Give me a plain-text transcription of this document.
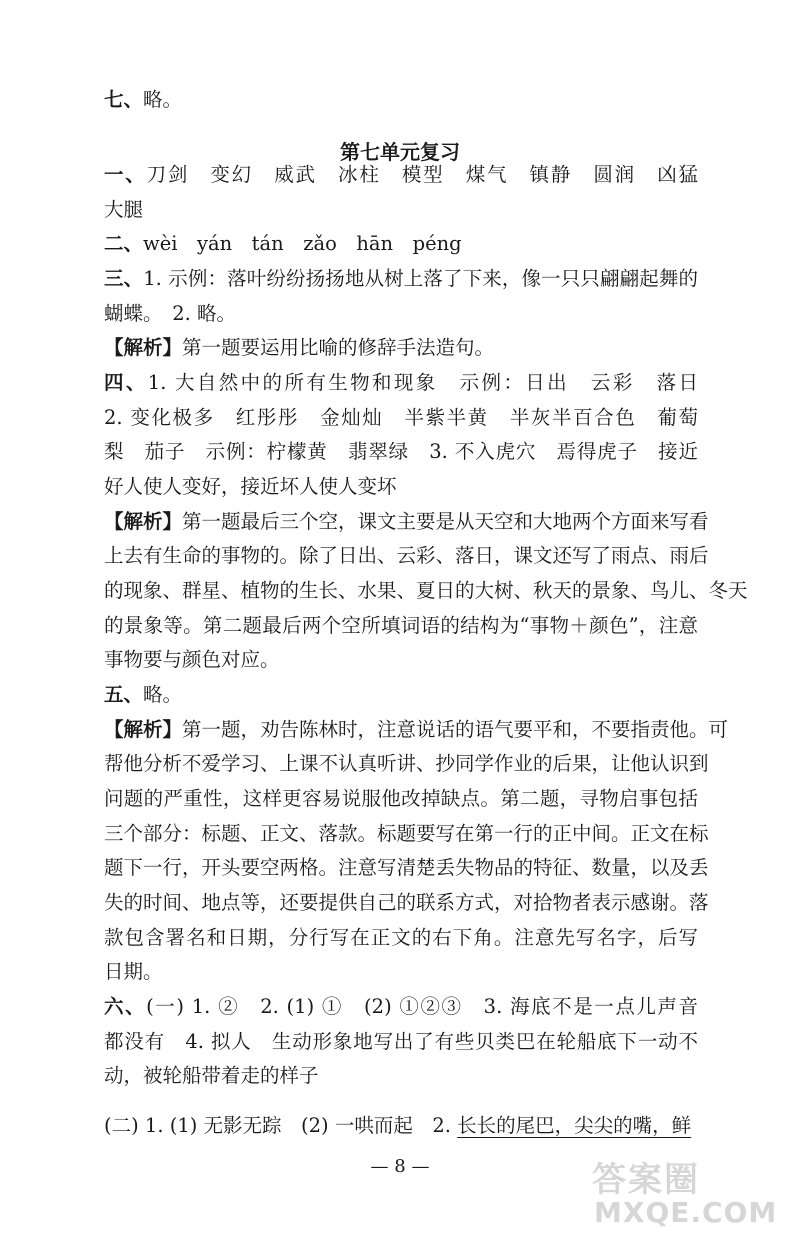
第七单元复习
七、略。
一、刀剑　变幻　威武　冰柱　模型　煤气　镇静　圆润　凶猛
大腿
二、wèi　yán　tán　zǎo　hān　péng
三、1. 示例：落叶纷纷扬扬地从树上落了下来，像一只只翩翩起舞的
蝴蝶。　2. 略。
【解析】第一题要运用比喻的修辞手法造句。
四、1. 大自然中的所有生物和现象　示例：日出　云彩　落日
2. 变化极多　红彤彤　金灿灿　半紫半黄　半灰半百合色　葡萄
梨　茄子　示例：柠檬黄　翡翠绿　3. 不入虎穴　焉得虎子　接近
好人使人变好，接近坏人使人变坏
【解析】第一题最后三个空，课文主要是从天空和大地两个方面来写看
上去有生命的事物的。除了日出、云彩、落日，课文还写了雨点、雨后
的现象、群星、植物的生长、水果、夏日的大树、秋天的景象、鸟儿、冬天
的景象等。第二题最后两个空所填词语的结构为“事物＋颜色”，注意
事物要与颜色对应。
五、略。
【解析】第一题，劝告陈林时，注意说话的语气要平和，不要指责他。可
帮他分析不爱学习、上课不认真听讲、抄同学作业的后果，让他认识到
问题的严重性，这样更容易说服他改掉缺点。第二题，寻物启事包括
三个部分：标题、正文、落款。标题要写在第一行的正中间。正文在标
题下一行，开头要空两格。注意写清楚丢失物品的特征、数量，以及丢
失的时间、地点等，还要提供自己的联系方式，对拾物者表示感谢。落
款包含署名和日期，分行写在正文的右下角。注意先写名字，后写
日期。
六、(一) 1. ②　2. (1) ①　(2) ①②③　3. 海底不是一点儿声音
都没有　4. 拟人　生动形象地写出了有些贝类巴在轮船底下一动不
动，被轮船带着走的样子
(二) 1. (1) 无影无踪　(2) 一哄而起　2. 长长的尾巴，尖尖的嘴，鲜
— 8 —	答案圈
MXQE.COM
